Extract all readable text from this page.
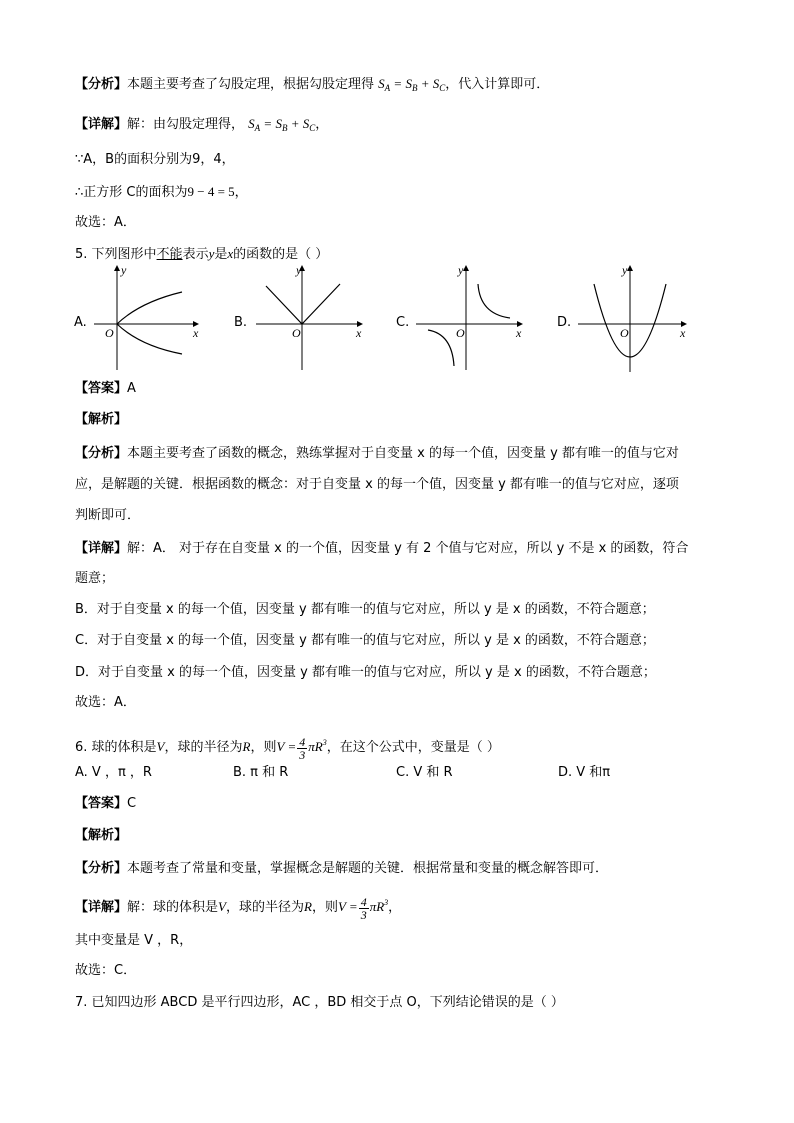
【分析】本题主要考查了勾股定理，根据勾股定理得 $S_A = S_B + S_C$，代入计算即可．
【详解】解：由勾股定理得， $S_A = S_B + S_C$，
∵A，B的面积分别为9，4，
∴正方形 C的面积为9 − 4 = 5，
故选：A．
5. 下列图形中不能表示y是x的函数的是（ ）
A.	B.	C.	D.
x
y
O	x
y
O	x
y
O	x
y
O
【答案】A
【解析】
【分析】本题主要考查了函数的概念，熟练掌握对于自变量 x 的每一个值，因变量 y 都有唯一的值与它对
应，是解题的关键．根据函数的概念：对于自变量 x 的每一个值，因变量 y 都有唯一的值与它对应，逐项
判断即可．
【详解】解：A． 对于存在自变量 x 的一个值，因变量 y 有 2 个值与它对应，所以 y 不是 x 的函数，符合
题意；
B．对于自变量 x 的每一个值，因变量 y 都有唯一的值与它对应，所以 y 是 x 的函数，不符合题意；
C．对于自变量 x 的每一个值，因变量 y 都有唯一的值与它对应，所以 y 是 x 的函数，不符合题意；
D．对于自变量 x 的每一个值，因变量 y 都有唯一的值与它对应，所以 y 是 x 的函数，不符合题意；
故选：A．
6. 球的体积是V，球的半径为R，则$V = \frac{4}{3} \pi R^3$，在这个公式中，变量是（ ）
A. V ，π ，R	B. π 和 R	C. V 和 R	D. V 和π
【答案】C
【解析】
【分析】本题考查了常量和变量，掌握概念是解题的关键．根据常量和变量的概念解答即可．
【详解】解：球的体积是V，球的半径为R，则$V = \frac{4}{3} \pi R^3$，
其中变量是 V ，R，
故选：C．
7. 已知四边形 ABCD 是平行四边形，AC ，BD 相交于点 O，下列结论错误的是（ ）
